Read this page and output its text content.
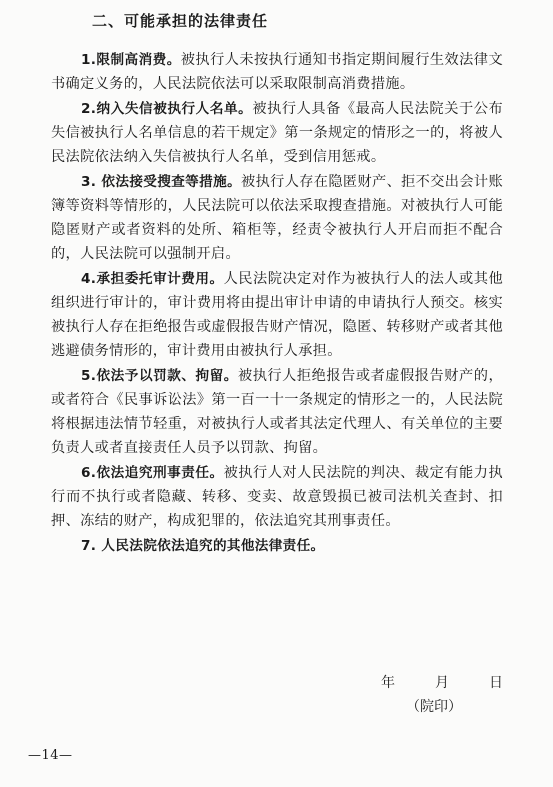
二、可能承担的法律责任

1.限制高消费。被执行人未按执行通知书指定期间履行生效法律文书确定义务的，人民法院依法可以采取限制高消费措施。

2.纳入失信被执行人名单。被执行人具备《最高人民法院关于公布失信被执行人名单信息的若干规定》第一条规定的情形之一的，将被人民法院依法纳入失信被执行人名单，受到信用惩戒。

3. 依法接受搜查等措施。被执行人存在隐匿财产、拒不交出会计账簿等资料等情形的，人民法院可以依法采取搜查措施。对被执行人可能隐匿财产或者资料的处所、箱柜等，经责令被执行人开启而拒不配合的，人民法院可以强制开启。

4.承担委托审计费用。人民法院决定对作为被执行人的法人或其他组织进行审计的，审计费用将由提出审计申请的申请执行人预交。核实被执行人存在拒绝报告或虚假报告财产情况，隐匿、转移财产或者其他逃避债务情形的，审计费用由被执行人承担。

5.依法予以罚款、拘留。被执行人拒绝报告或者虚假报告财产的，或者符合《民事诉讼法》第一百一十一条规定的情形之一的，人民法院将根据违法情节轻重，对被执行人或者其法定代理人、有关单位的主要负责人或者直接责任人员予以罚款、拘留。

6.依法追究刑事责任。被执行人对人民法院的判决、裁定有能力执行而不执行或者隐藏、转移、变卖、故意毁损已被司法机关查封、扣押、冻结的财产，构成犯罪的，依法追究其刑事责任。

7. 人民法院依法追究的其他法律责任。

年	月	日
（院印）
—14—
